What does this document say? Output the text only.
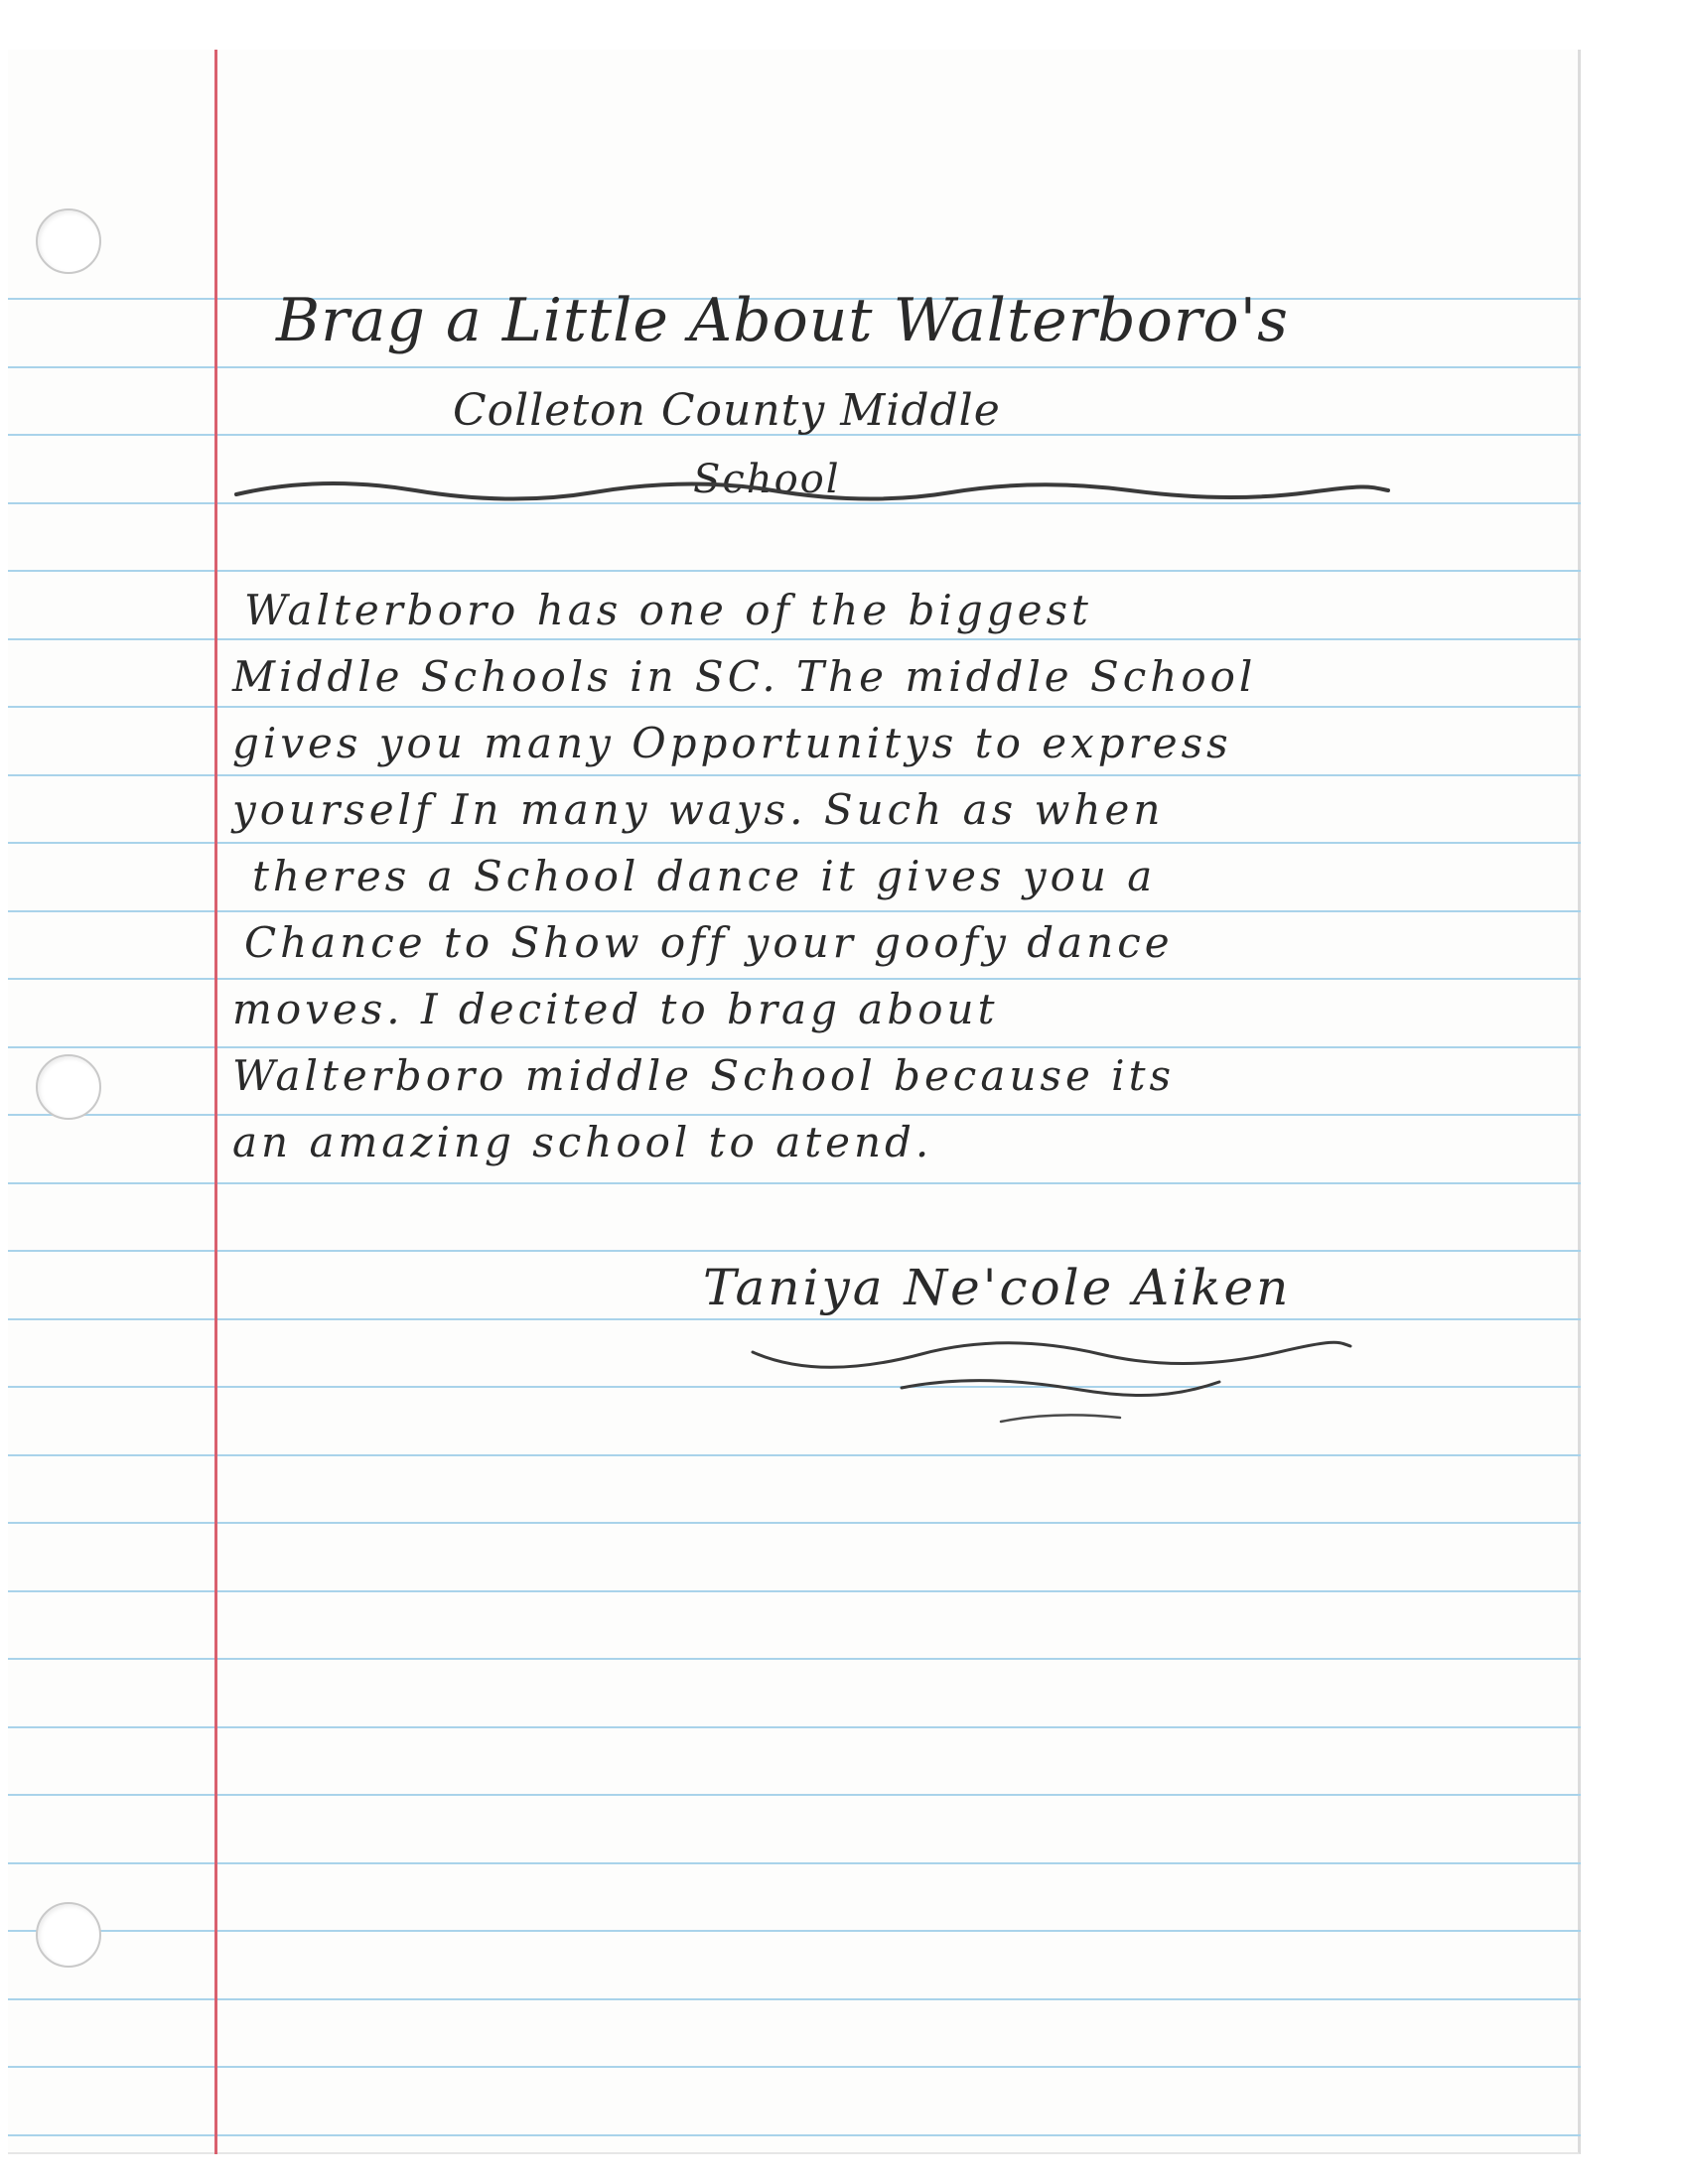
Brag a Little About Walterboro's
Colleton County Middle
School
Walterboro has one of the biggest
Middle Schools in SC. The middle School
gives you many Opportunitys to express
yourself In many ways. Such as when
theres a School dance it gives you a
Chance to Show off your goofy dance
moves. I decited to brag about
Walterboro middle School because its
an amazing school to atend.
Taniya Ne'cole Aiken
